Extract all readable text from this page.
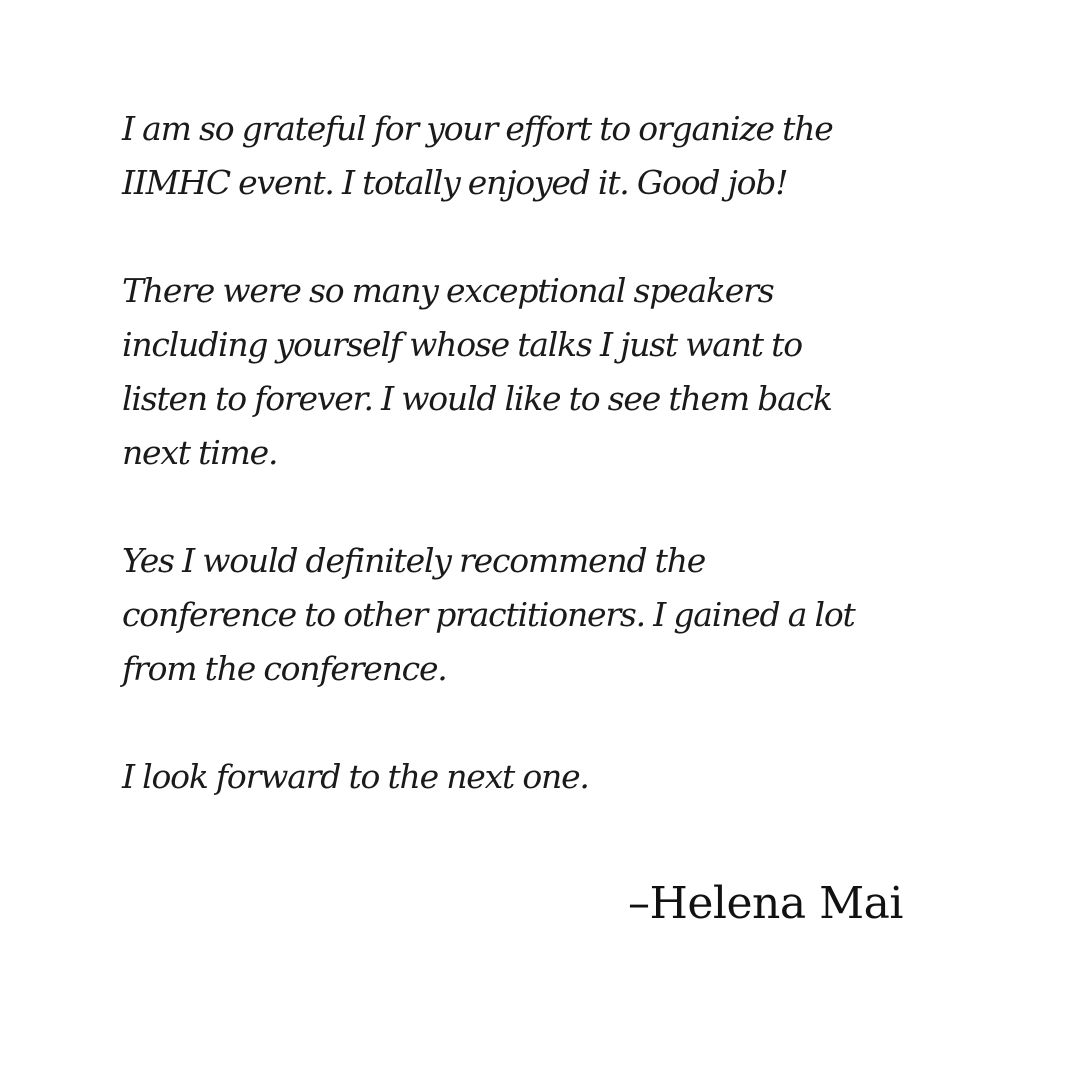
I am so grateful for your effort to organize the
IIMHC event. I totally enjoyed it. Good job!

There were so many exceptional speakers
including yourself whose talks I just want to
listen to forever. I would like to see them back
next time.

Yes I would definitely recommend the
conference to other practitioners. I gained a lot
from the conference.

I look forward to the next one.

–Helena Mai
